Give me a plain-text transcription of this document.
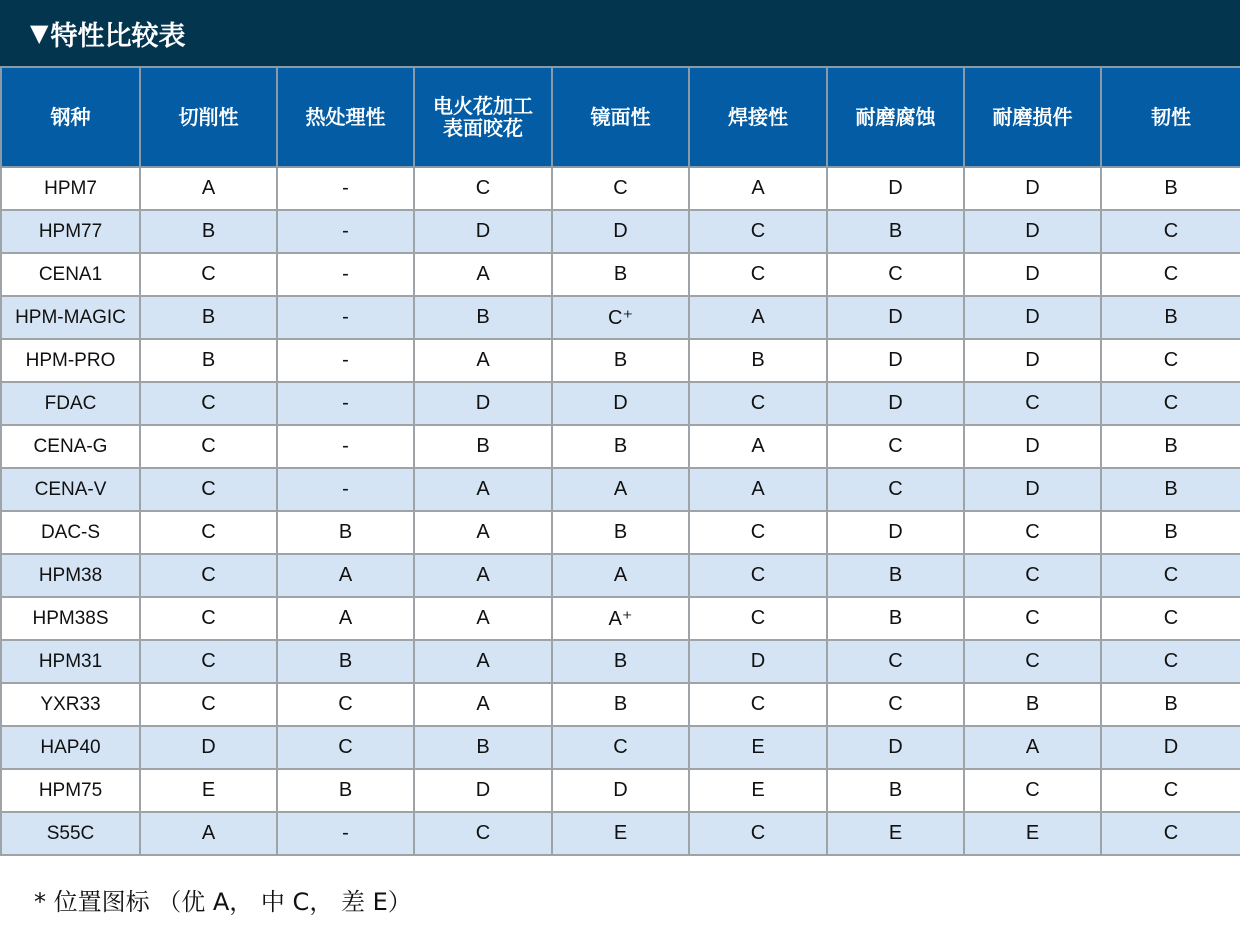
▼ 特性比较表
钢种	切削性	热处理性	电火花加工
表面咬花	镜面性	焊接性	耐磨腐蚀	耐磨损件	韧性
HPM7	A	-	C	C	A	D	D	B
HPM77	B	-	D	D	C	B	D	C
CENA1	C	-	A	B	C	C	D	C
HPM-MAGIC	B	-	B	C⁺	A	D	D	B
HPM-PRO	B	-	A	B	B	D	D	C
FDAC	C	-	D	D	C	D	C	C
CENA-G	C	-	B	B	A	C	D	B
CENA-V	C	-	A	A	A	C	D	B
DAC-S	C	B	A	B	C	D	C	B
HPM38	C	A	A	A	C	B	C	C
HPM38S	C	A	A	A⁺	C	B	C	C
HPM31	C	B	A	B	D	C	C	C
YXR33	C	C	A	B	C	C	B	B
HAP40	D	C	B	C	E	D	A	D
HPM75	E	B	D	D	E	B	C	C
S55C	A	-	C	E	C	E	E	C
* 位置图标 （优 A， 中 C， 差 E）
